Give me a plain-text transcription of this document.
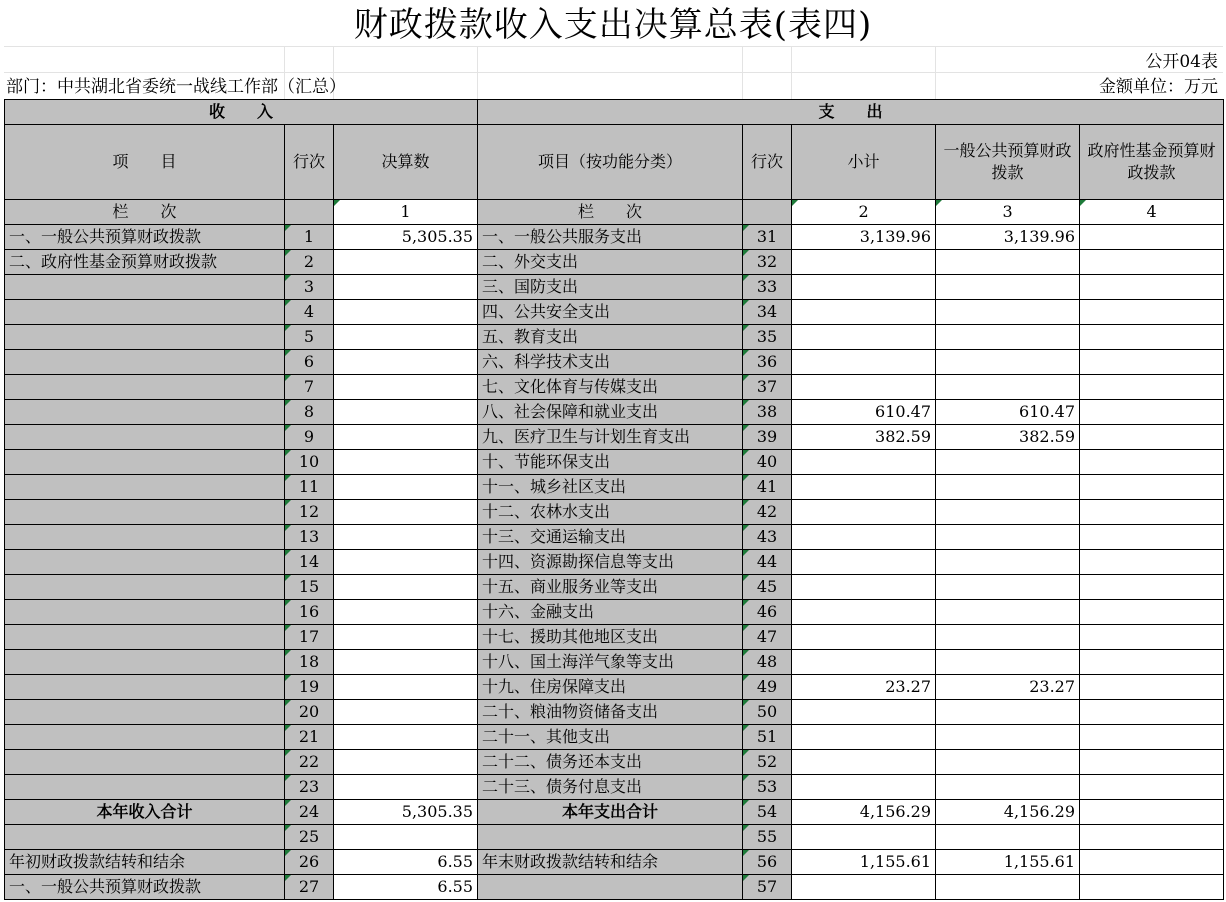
财政拨款收入支出决算总表(表四)
公开04表
部门：中共湖北省委统一战线工作部（汇总）	金额单位：万元
收　　入			支　　出				
项　　目	行次	决算数	项目（按功能分类）	行次	小计	一般公共预算财政拨款	政府性基金预算财政拨款
栏　　次		1	栏　　次		2	3	4
一、一般公共预算财政拨款	1	5,305.35	一、一般公共服务支出	31	3,139.96	3,139.96	
二、政府性基金预算财政拨款	2		二、外交支出	32			
	3		三、国防支出	33			
	4		四、公共安全支出	34			
	5		五、教育支出	35			
	6		六、科学技术支出	36			
	7		七、文化体育与传媒支出	37			
	8		八、社会保障和就业支出	38	610.47	610.47	
	9		九、医疗卫生与计划生育支出	39	382.59	382.59	
	10		十、节能环保支出	40			
	11		十一、城乡社区支出	41			
	12		十二、农林水支出	42			
	13		十三、交通运输支出	43			
	14		十四、资源勘探信息等支出	44			
	15		十五、商业服务业等支出	45			
	16		十六、金融支出	46			
	17		十七、援助其他地区支出	47			
	18		十八、国土海洋气象等支出	48			
	19		十九、住房保障支出	49	23.27	23.27	
	20		二十、粮油物资储备支出	50			
	21		二十一、其他支出	51			
	22		二十二、债务还本支出	52			
	23		二十三、债务付息支出	53			
本年收入合计	24	5,305.35	本年支出合计	54	4,156.29	4,156.29	
	25			55			
年初财政拨款结转和结余	26	6.55	年末财政拨款结转和结余	56	1,155.61	1,155.61	
一、一般公共预算财政拨款	27	6.55		57			
